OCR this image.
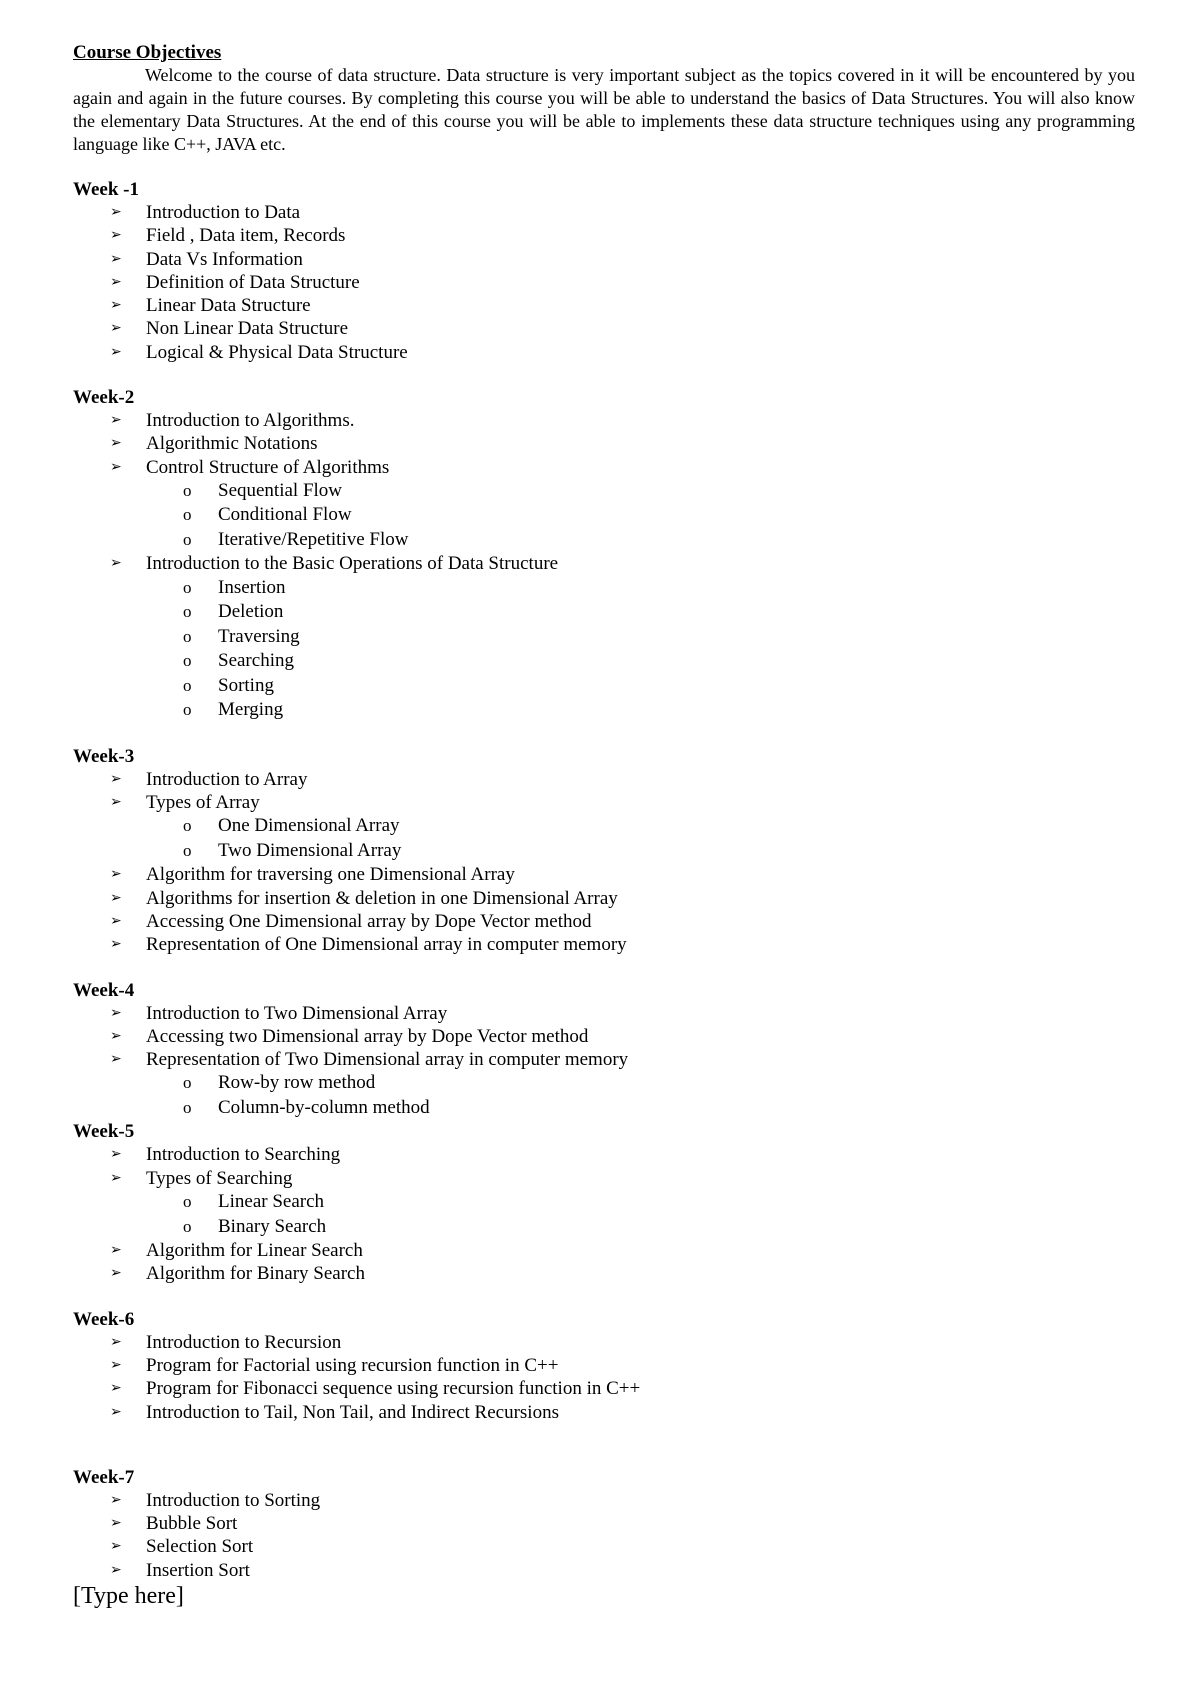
Course Objectives

Welcome to the course of data structure. Data structure is very important subject as the topics covered in it will be encountered by you again and again in the future courses. By completing this course you will be able to understand the basics of Data Structures. You will also know the elementary Data Structures. At the end of this course you will be able to implements these data structure techniques using any programming language like C++, JAVA etc.

Week -1

➢ Introduction to Data
➢ Field , Data item, Records
➢ Data Vs Information
➢ Definition of Data Structure
➢ Linear Data Structure
➢ Non Linear Data Structure
➢ Logical & Physical Data Structure

Week-2

➢ Introduction to Algorithms.
➢ Algorithmic Notations
➢ Control Structure of Algorithms
o Sequential Flow
o Conditional Flow
o Iterative/Repetitive Flow
➢ Introduction to the Basic Operations of Data Structure
o Insertion
o Deletion
o Traversing
o Searching
o Sorting
o Merging

Week-3

➢ Introduction to Array
➢ Types of Array
o One Dimensional Array
o Two Dimensional Array
➢ Algorithm for traversing one Dimensional Array
➢ Algorithms for insertion & deletion in one Dimensional Array
➢ Accessing One Dimensional array by Dope Vector method
➢ Representation of One Dimensional array in computer memory

Week-4

➢ Introduction to Two Dimensional Array
➢ Accessing two Dimensional array by Dope Vector method
➢ Representation of Two Dimensional array in computer memory
o Row-by row method
o Column-by-column method

Week-5

➢ Introduction to Searching
➢ Types of Searching
o Linear Search
o Binary Search
➢ Algorithm for Linear Search
➢ Algorithm for Binary Search

Week-6

➢ Introduction to Recursion
➢ Program for Factorial using recursion function in C++
➢ Program for Fibonacci sequence using recursion function in C++
➢ Introduction to Tail, Non Tail, and Indirect Recursions

Week-7

➢ Introduction to Sorting
➢ Bubble Sort
➢ Selection Sort
➢ Insertion Sort
[Type here]
